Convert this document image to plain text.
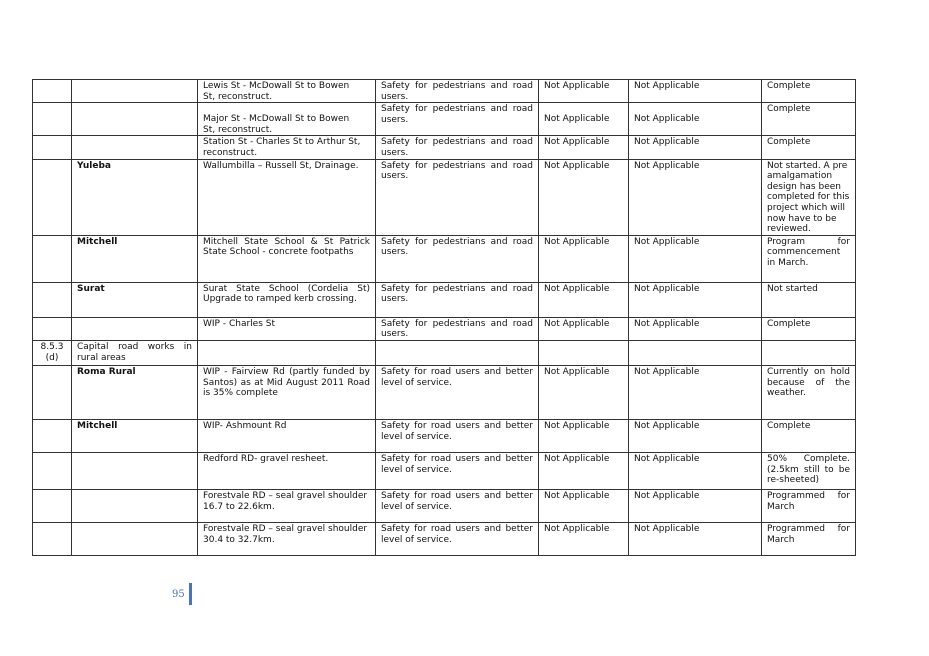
		Lewis St - McDowall St to Bowen St, reconstruct.	Safety for pedestrians and road users.	Not Applicable	Not Applicable	Complete
		Major St - McDowall St to Bowen St, reconstruct.	Safety for pedestrians and road users.	Not Applicable	Not Applicable	Complete
		Station St - Charles St to Arthur St, reconstruct.	Safety for pedestrians and road users.	Not Applicable	Not Applicable	Complete
	Yuleba	Wallumbilla – Russell St, Drainage.	Safety for pedestrians and road users.	Not Applicable	Not Applicable	Not started. A pre amalgamation design has been completed for this project which will now have to be reviewed.
	Mitchell	Mitchell State School & St Patrick State School - concrete footpaths	Safety for pedestrians and road users.	Not Applicable	Not Applicable	Program for commencement in March.
	Surat	Surat State School (Cordelia St) Upgrade to ramped kerb crossing.	Safety for pedestrians and road users.	Not Applicable	Not Applicable	Not started
		WIP - Charles St	Safety for pedestrians and road users.	Not Applicable	Not Applicable	Complete
8.5.3 (d)	Capital road works in rural areas					
	Roma Rural	WIP - Fairview Rd (partly funded by Santos) as at Mid August 2011 Road is 35% complete	Safety for road users and better level of service.	Not Applicable	Not Applicable	Currently on hold because of the weather.
	Mitchell	WIP- Ashmount Rd	Safety for road users and better level of service.	Not Applicable	Not Applicable	Complete
		Redford RD- gravel resheet.	Safety for road users and better level of service.	Not Applicable	Not Applicable	50% Complete. (2.5km still to be re-sheeted)
		Forestvale RD – seal gravel shoulder 16.7 to 22.6km.	Safety for road users and better level of service.	Not Applicable	Not Applicable	Programmed for March
		Forestvale RD – seal gravel shoulder 30.4 to 32.7km.	Safety for road users and better level of service.	Not Applicable	Not Applicable	Programmed for March
95
